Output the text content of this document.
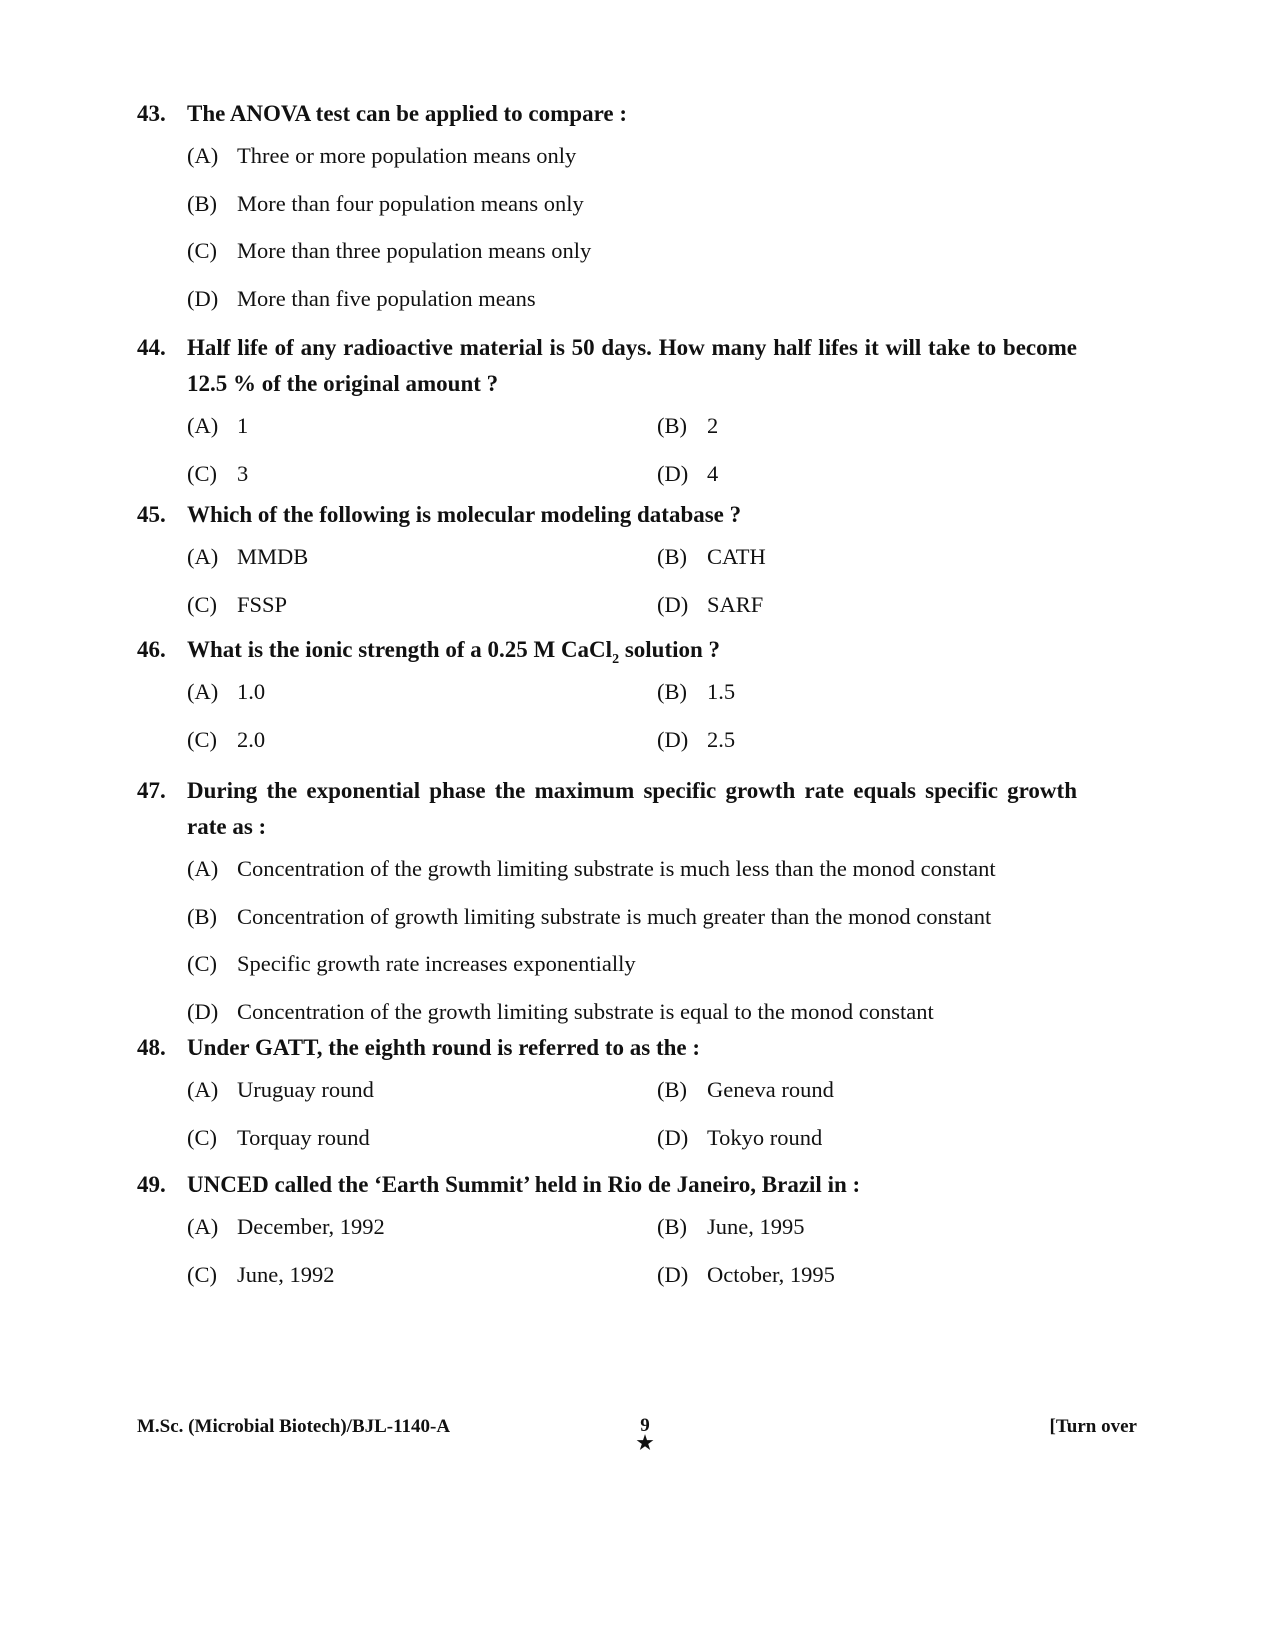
43. The ANOVA test can be applied to compare :
(A) Three or more population means only
(B) More than four population means only
(C) More than three population means only
(D) More than five population means
44. Half life of any radioactive material is 50 days. How many half lifes it will take to become 12.5 % of the original amount ?
(A) 1	(B) 2
(C) 3	(D) 4
45. Which of the following is molecular modeling database ?
(A) MMDB	(B) CATH
(C) FSSP	(D) SARF
46. What is the ionic strength of a 0.25 M CaCl$_2$ solution ?
(A) 1.0	(B) 1.5
(C) 2.0	(D) 2.5
47. During the exponential phase the maximum specific growth rate equals specific growth rate as :
(A) Concentration of the growth limiting substrate is much less than the monod constant
(B) Concentration of growth limiting substrate is much greater than the monod constant
(C) Specific growth rate increases exponentially
(D) Concentration of the growth limiting substrate is equal to the monod constant
48. Under GATT, the eighth round is referred to as the :
(A) Uruguay round	(B) Geneva round
(C) Torquay round	(D) Tokyo round
49. UNCED called the ‘Earth Summit’ held in Rio de Janeiro, Brazil in :
(A) December, 1992	(B) June, 1995
(C) June, 1992	(D) October, 1995
M.Sc. (Microbial Biotech)/BJL-1140-A	9
★
[Turn over
